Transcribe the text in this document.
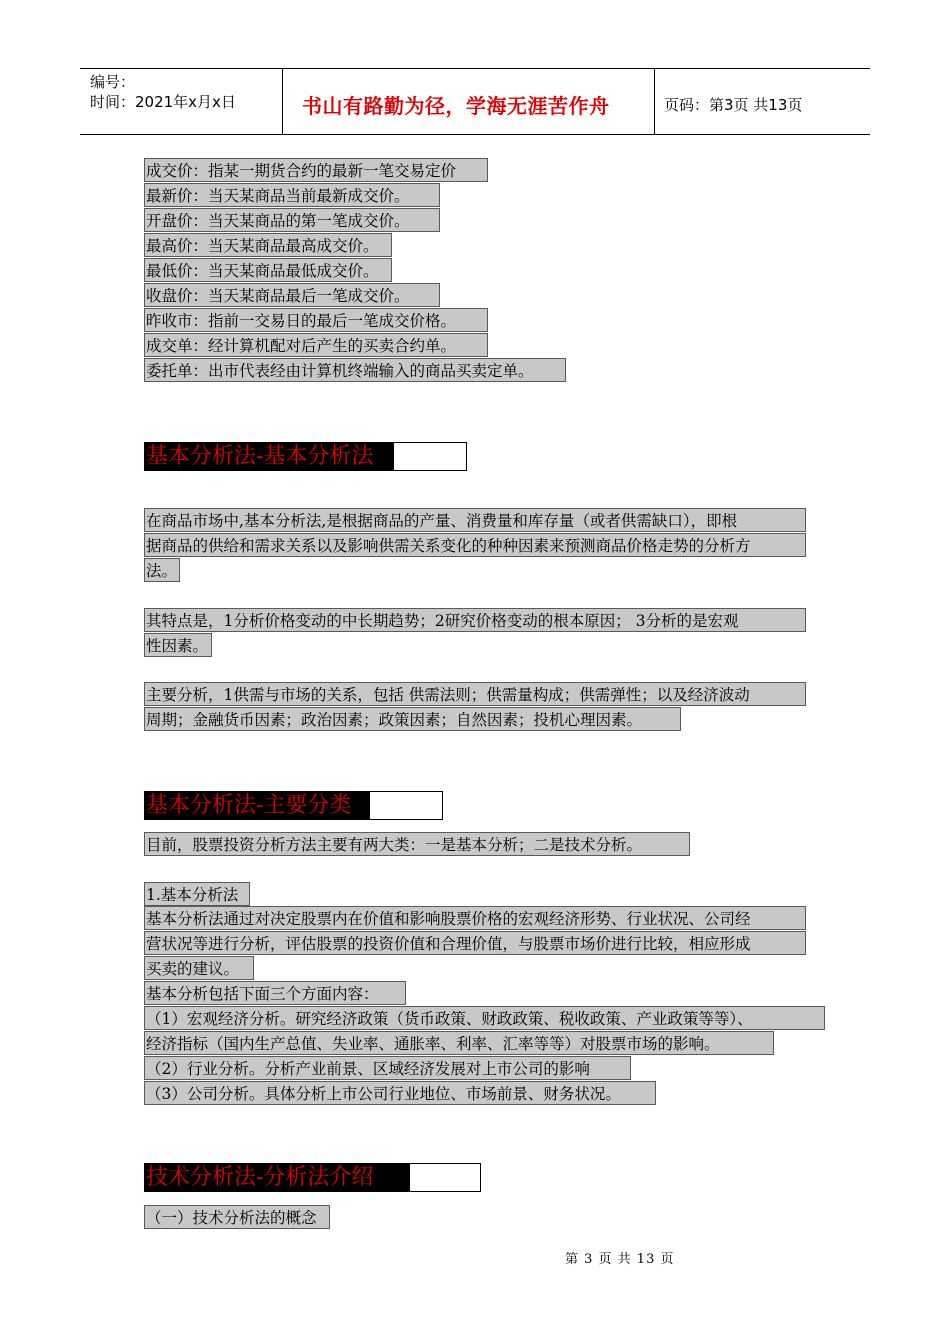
编号：
时间：2021年x月x日	书山有路勤为径，学海无涯苦作舟	页码：第3页 共13页
成交价：指某一期货合约的最新一笔交易定价
最新价：当天某商品当前最新成交价。
开盘价：当天某商品的第一笔成交价。
最高价：当天某商品最高成交价。
最低价：当天某商品最低成交价。
收盘价：当天某商品最后一笔成交价。
昨收市：指前一交易日的最后一笔成交价格。
成交单：经计算机配对后产生的买卖合约单。
委托单：出市代表经由计算机终端输入的商品买卖定单。
基本分析法-基本分析法
在商品市场中,基本分析法,是根据商品的产量、消费量和库存量（或者供需缺口），即根
据商品的供给和需求关系以及影响供需关系变化的种种因素来预测商品价格走势的分析方
法。
其特点是，1分析价格变动的中长期趋势；2研究价格变动的根本原因； 3分析的是宏观
性因素。
主要分析，1供需与市场的关系，包括 供需法则；供需量构成；供需弹性；以及经济波动
周期；金融货币因素；政治因素；政策因素；自然因素；投机心理因素。
基本分析法-主要分类
目前，股票投资分析方法主要有两大类：一是基本分析；二是技术分析。
1.基本分析法
基本分析法通过对决定股票内在价值和影响股票价格的宏观经济形势、行业状况、公司经
营状况等进行分析，评估股票的投资价值和合理价值，与股票市场价进行比较，相应形成
买卖的建议。
基本分析包括下面三个方面内容：
（1）宏观经济分析。研究经济政策（货币政策、财政政策、税收政策、产业政策等等）、
经济指标（国内生产总值、失业率、通胀率、利率、汇率等等）对股票市场的影响。
（2）行业分析。分析产业前景、区域经济发展对上市公司的影响
（3）公司分析。具体分析上市公司行业地位、市场前景、财务状况。
技术分析法-分析法介绍
（一）技术分析法的概念
第 3 页 共 13 页
